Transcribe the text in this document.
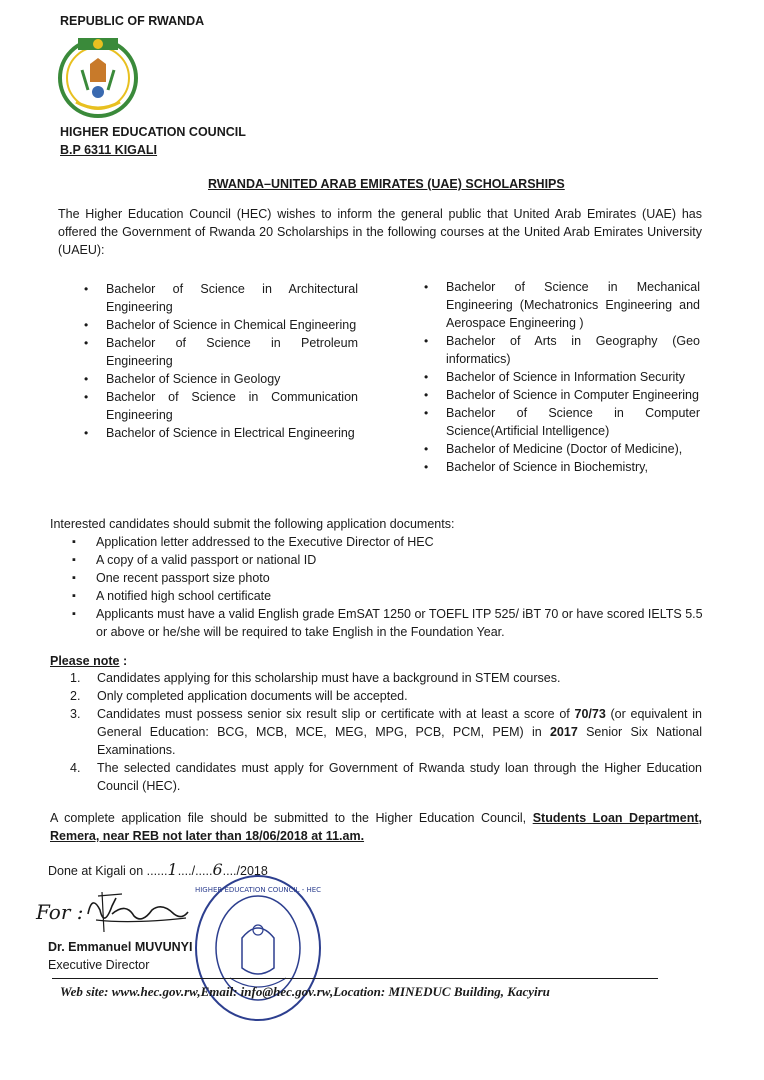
REPUBLIC OF RWANDA
HIGHER EDUCATION COUNCIL
B.P 6311 KIGALI
RWANDA–UNITED ARAB EMIRATES (UAE) SCHOLARSHIPS
The Higher Education Council (HEC) wishes to inform the general public that United Arab Emirates (UAE) has offered the Government of Rwanda 20 Scholarships in the following courses at the United Arab Emirates University (UAEU):
• Bachelor of Science in Architectural Engineering
• Bachelor of Science in Chemical Engineering
• Bachelor of Science in Petroleum Engineering
• Bachelor of Science in Geology
• Bachelor of Science in Communication Engineering
• Bachelor of Science in Electrical Engineering
• Bachelor of Science in Mechanical Engineering (Mechatronics Engineering and Aerospace Engineering )
• Bachelor of Arts in Geography (Geo informatics)
• Bachelor of Science in Information Security
• Bachelor of Science in Computer Engineering
• Bachelor of Science in Computer Science(Artificial Intelligence)
• Bachelor of Medicine (Doctor of Medicine),
• Bachelor of Science in Biochemistry,
Interested candidates should submit the following application documents:
▪ Application letter addressed to the Executive Director of HEC
▪ A copy of a valid passport or national ID
▪ One recent passport size photo
▪ A notified high school certificate
▪ Applicants must have a valid English grade EmSAT 1250 or TOEFL ITP 525/ iBT 70 or have scored IELTS 5.5 or above or he/she will be required to take English in the Foundation Year.
Please note :
1. Candidates applying for this scholarship must have a background in STEM courses.
2. Only completed application documents will be accepted.
3. Candidates must possess senior six result slip or certificate with at least a score of 70/73 (or equivalent in General Education: BCG, MCB, MCE, MEG, MPG, PCB, PCM, PEM) in 2017 Senior Six National Examinations.
4. The selected candidates must apply for Government of Rwanda study loan through the Higher Education Council (HEC).
A complete application file should be submitted to the Higher Education Council, Students Loan Department, Remera, near REB not later than 18/06/2018 at 11.am.
Done at Kigali on ......1..../.....6..../2018
For :
HIGHER EDUCATION COUNCIL - HEC
Dr. Emmanuel MUVUNYI
Executive Director
Web site: www.hec.gov.rw,Email: info@hec.gov.rw,Location: MINEDUC Building, Kacyiru
